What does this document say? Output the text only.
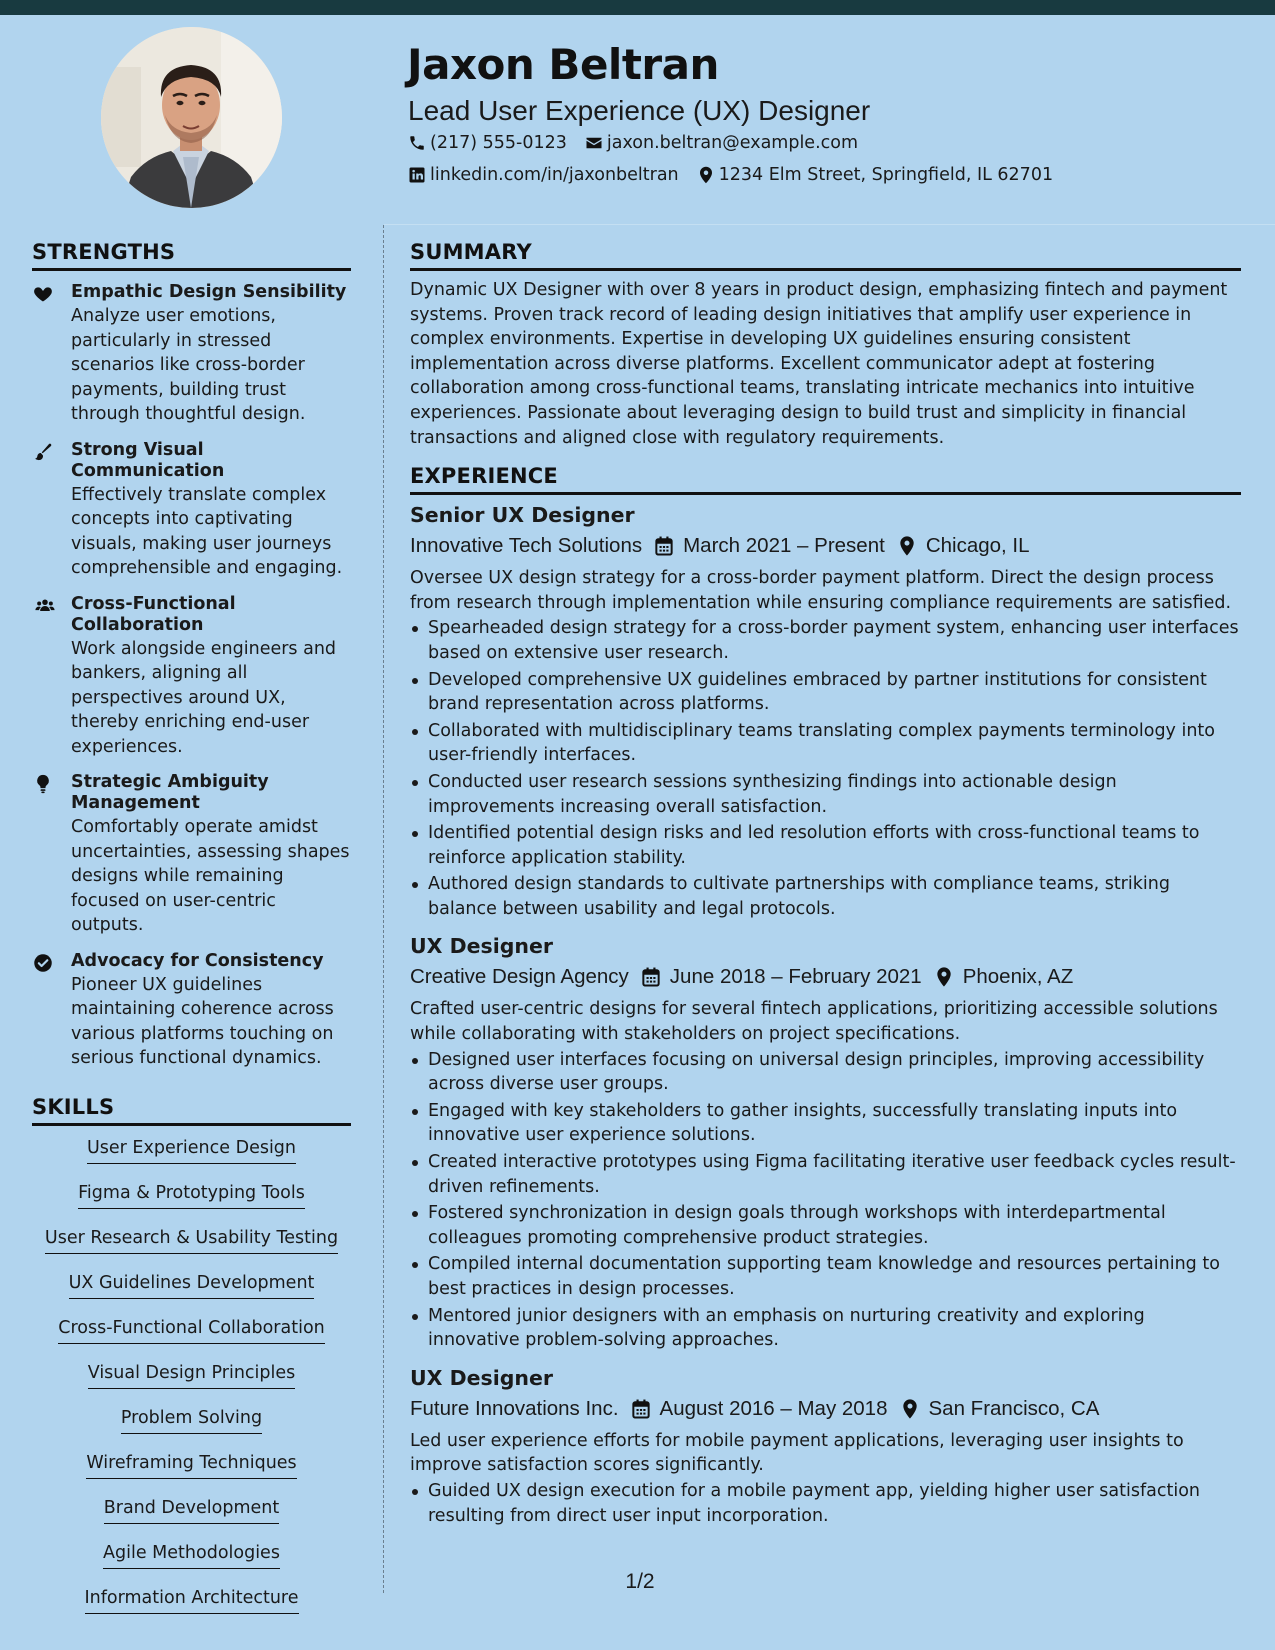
Jaxon Beltran
Lead User Experience (UX) Designer
(217) 555-0123 jaxon.beltran@example.com
linkedin.com/in/jaxonbeltran 1234 Elm Street, Springfield, IL 62701
STRENGTHS
Empathic Design Sensibility
Analyze user emotions, particularly in stressed scenarios like cross-border payments, building trust through thoughtful design.
Strong Visual Communication
Effectively translate complex concepts into captivating visuals, making user journeys comprehensible and engaging.
Cross-Functional Collaboration
Work alongside engineers and bankers, aligning all perspectives around UX, thereby enriching end-user experiences.
Strategic Ambiguity Management
Comfortably operate amidst uncertainties, assessing shapes designs while remaining focused on user-centric outputs.
Advocacy for Consistency
Pioneer UX guidelines maintaining coherence across various platforms touching on serious functional dynamics.
SKILLS
User Experience Design
Figma & Prototyping Tools
User Research & Usability Testing
UX Guidelines Development
Cross-Functional Collaboration
Visual Design Principles
Problem Solving
Wireframing Techniques
Brand Development
Agile Methodologies
Information Architecture
SUMMARY
Dynamic UX Designer with over 8 years in product design, emphasizing fintech and payment systems. Proven track record of leading design initiatives that amplify user experience in complex environments. Expertise in developing UX guidelines ensuring consistent implementation across diverse platforms. Excellent communicator adept at fostering collaboration among cross-functional teams, translating intricate mechanics into intuitive experiences. Passionate about leveraging design to build trust and simplicity in financial transactions and aligned close with regulatory requirements.
EXPERIENCE
Senior UX Designer
Innovative Tech Solutions March 2021 – Present Chicago, IL
Oversee UX design strategy for a cross-border payment platform. Direct the design process from research through implementation while ensuring compliance requirements are satisfied.
Spearheaded design strategy for a cross-border payment system, enhancing user interfaces based on extensive user research.
Developed comprehensive UX guidelines embraced by partner institutions for consistent brand representation across platforms.
Collaborated with multidisciplinary teams translating complex payments terminology into user-friendly interfaces.
Conducted user research sessions synthesizing findings into actionable design improvements increasing overall satisfaction.
Identified potential design risks and led resolution efforts with cross-functional teams to reinforce application stability.
Authored design standards to cultivate partnerships with compliance teams, striking balance between usability and legal protocols.
UX Designer
Creative Design Agency June 2018 – February 2021 Phoenix, AZ
Crafted user-centric designs for several fintech applications, prioritizing accessible solutions while collaborating with stakeholders on project specifications.
Designed user interfaces focusing on universal design principles, improving accessibility across diverse user groups.
Engaged with key stakeholders to gather insights, successfully translating inputs into innovative user experience solutions.
Created interactive prototypes using Figma facilitating iterative user feedback cycles result-driven refinements.
Fostered synchronization in design goals through workshops with interdepartmental colleagues promoting comprehensive product strategies.
Compiled internal documentation supporting team knowledge and resources pertaining to best practices in design processes.
Mentored junior designers with an emphasis on nurturing creativity and exploring innovative problem-solving approaches.
UX Designer
Future Innovations Inc. August 2016 – May 2018 San Francisco, CA
Led user experience efforts for mobile payment applications, leveraging user insights to improve satisfaction scores significantly.
Guided UX design execution for a mobile payment app, yielding higher user satisfaction resulting from direct user input incorporation.
1/2
